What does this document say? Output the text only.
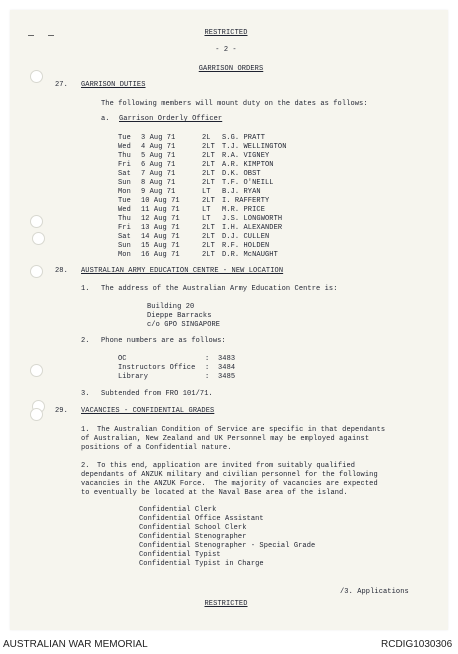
RESTRICTED
- 2 -
GARRISON ORDERS
27. GARRISON DUTIES
The following members will mount duty on the dates as follows:
a. Garrison Orderly Officer
Tue 3 Aug 71	2L S.G. PRATT
Wed 4 Aug 71	2LT T.J. WELLINGTON
Thu 5 Aug 71	2LT R.A. VIGNEY
Fri 6 Aug 71	2LT A.R. KIMPTON
Sat 7 Aug 71	2LT D.K. OBST
Sun 8 Aug 71	2LT T.F. O'NEILL
Mon 9 Aug 71	LT B.J. RYAN
Tue 10 Aug 71	2LT I. RAFFERTY
Wed 11 Aug 71	LT M.R. PRICE
Thu 12 Aug 71	LT J.S. LONGWORTH
Fri 13 Aug 71	2LT I.H. ALEXANDER
Sat 14 Aug 71	2LT D.J. CULLEN
Sun 15 Aug 71	2LT R.F. HOLDEN
Mon 16 Aug 71	2LT D.R. McNAUGHT
28. AUSTRALIAN ARMY EDUCATION CENTRE - NEW LOCATION
1. The address of the Australian Army Education Centre is:
Building 20
Dieppe Barracks
c/o GPO SINGAPORE
2. Phone numbers are as follows:
OC	: 3483
Instructors Office : 3484
Library	: 3485
3. Subtended from FRO 101/71.
29. VACANCIES - CONFIDENTIAL GRADES
1. The Australian Condition of Service are specific in that dependants
of Australian, New Zealand and UK Personnel may be employed against
positions of a Confidential nature.
2. To this end, application are invited from suitably qualified
dependants of ANZUK military and civilian personnel for the following
vacancies in the ANZUK Force.  The majority of vacancies are expected
to eventually be located at the Naval Base area of the island.
Confidential Clerk
Confidential Office Assistant
Confidential School Clerk
Confidential Stenographer
Confidential Stenographer - Special Grade
Confidential Typist
Confidential Typist in Charge
/3. Applications
RESTRICTED
AUSTRALIAN WAR MEMORIAL	RCDIG1030306
